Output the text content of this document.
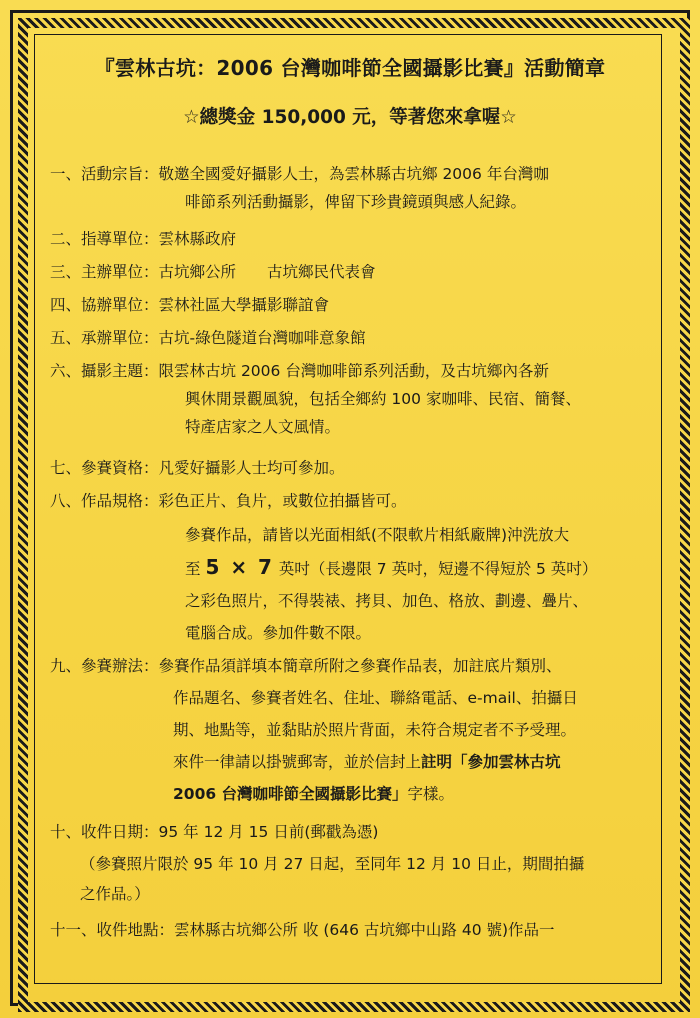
『雲林古坑：2006 台灣咖啡節全國攝影比賽』活動簡章
☆總獎金 150,000 元，等著您來拿喔☆
一、活動宗旨：敬邀全國愛好攝影人士，為雲林縣古坑鄉 2006 年台灣咖
啡節系列活動攝影，俾留下珍貴鏡頭與感人紀錄。
二、指導單位：雲林縣政府
三、主辦單位：古坑鄉公所　　古坑鄉民代表會
四、協辦單位：雲林社區大學攝影聯誼會
五、承辦單位：古坑-綠色隧道台灣咖啡意象館
六、攝影主題：限雲林古坑 2006 台灣咖啡節系列活動，及古坑鄉內各新
興休閒景觀風貌，包括全鄉約 100 家咖啡、民宿、簡餐、
特產店家之人文風情。
七、參賽資格：凡愛好攝影人士均可參加。
八、作品規格：彩色正片、負片，或數位拍攝皆可。
參賽作品，請皆以光面相紙(不限軟片相紙廠牌)沖洗放大
至 5 × 7 英吋（長邊限 7 英吋，短邊不得短於 5 英吋）
之彩色照片，不得裝裱、拷貝、加色、格放、劃邊、疊片、
電腦合成。參加件數不限。
九、參賽辦法：參賽作品須詳填本簡章所附之參賽作品表，加註底片類別、
作品題名、參賽者姓名、住址、聯絡電話、e-mail、拍攝日
期、地點等，並黏貼於照片背面，未符合規定者不予受理。
來件一律請以掛號郵寄，並於信封上註明「參加雲林古坑
2006 台灣咖啡節全國攝影比賽」字樣。
十、收件日期：95 年 12 月 15 日前(郵戳為憑)
（參賽照片限於 95 年 10 月 27 日起，至同年 12 月 10 日止，期間拍攝
之作品。）
十一、收件地點：雲林縣古坑鄉公所 收 (646 古坑鄉中山路 40 號)作品一
